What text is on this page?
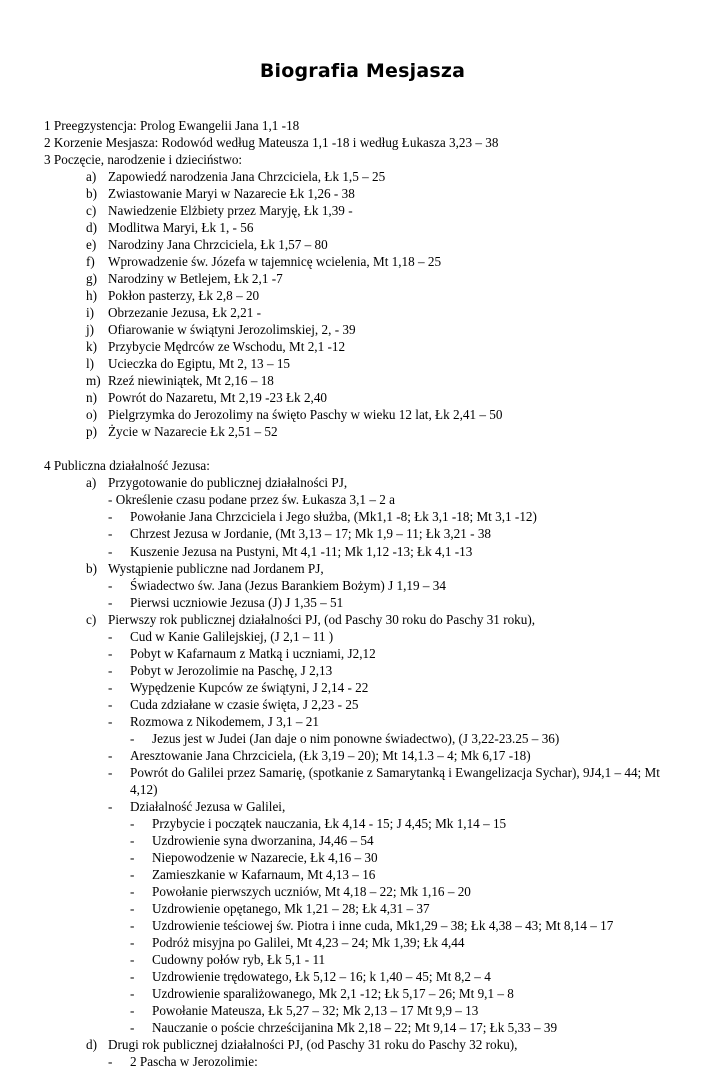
Biografia Mesjasza
1 Preegzystencja: Prolog Ewangelii Jana 1,1 -18
2 Korzenie Mesjasza: Rodowód według Mateusza 1,1 -18 i według Łukasza 3,23 – 38
3 Poczęcie, narodzenie i dzieciństwo:
a) Zapowiedź narodzenia Jana Chrzciciela, Łk 1,5 – 25
b) Zwiastowanie Maryi w Nazarecie Łk 1,26 - 38
c) Nawiedzenie Elżbiety przez Maryję, Łk 1,39 -
d) Modlitwa Maryi, Łk 1, - 56
e) Narodziny Jana Chrzciciela, Łk 1,57 – 80
f) Wprowadzenie św. Józefa w tajemnicę wcielenia, Mt 1,18 – 25
g) Narodziny w Betlejem, Łk 2,1 -7
h) Pokłon pasterzy, Łk 2,8 – 20
i) Obrzezanie Jezusa, Łk 2,21 -
j) Ofiarowanie w świątyni Jerozolimskiej, 2, - 39
k) Przybycie Mędrców ze Wschodu, Mt 2,1 -12
l) Ucieczka do Egiptu, Mt 2, 13 – 15
m) Rzeź niewiniątek, Mt 2,16 – 18
n) Powrót do Nazaretu, Mt 2,19 -23 Łk 2,40
o) Pielgrzymka do Jerozolimy na święto Paschy w wieku 12 lat, Łk 2,41 – 50
p) Życie w Nazarecie Łk 2,51 – 52
4 Publiczna działalność Jezusa:
a) Przygotowanie do publicznej działalności PJ,
- Określenie czasu podane przez św. Łukasza 3,1 – 2 a
- Powołanie Jana Chrzciciela i Jego służba, (Mk1,1 -8; Łk 3,1 -18; Mt 3,1 -12)
- Chrzest Jezusa w Jordanie, (Mt 3,13 – 17; Mk 1,9 – 11; Łk 3,21 - 38
- Kuszenie Jezusa na Pustyni, Mt 4,1 -11; Mk 1,12 -13; Łk 4,1 -13
b) Wystąpienie publiczne nad Jordanem PJ,
- Świadectwo św. Jana (Jezus Barankiem Bożym) J 1,19 – 34
- Pierwsi uczniowie Jezusa (J) J 1,35 – 51
c) Pierwszy rok publicznej działalności PJ, (od Paschy 30 roku do Paschy 31 roku),
- Cud w Kanie Galilejskiej, (J 2,1 – 11 )
- Pobyt w Kafarnaum z Matką i uczniami, J2,12
- Pobyt w Jerozolimie na Paschę, J 2,13
- Wypędzenie Kupców ze świątyni, J 2,14 - 22
- Cuda zdziałane w czasie święta, J 2,23 - 25
- Rozmowa z Nikodemem, J 3,1 – 21
- Jezus jest w Judei (Jan daje o nim ponowne świadectwo), (J 3,22-23.25 – 36)
- Aresztowanie Jana Chrzciciela, (Łk 3,19 – 20); Mt 14,1.3 – 4; Mk 6,17 -18)
- Powrót do Galilei przez Samarię, (spotkanie z Samarytanką i Ewangelizacja Sychar), 9J4,1 – 44; Mt
4,12)
- Działalność Jezusa w Galilei,
- Przybycie i początek nauczania, Łk 4,14 - 15; J 4,45; Mk 1,14 – 15
- Uzdrowienie syna dworzanina, J4,46 – 54
- Niepowodzenie w Nazarecie, Łk 4,16 – 30
- Zamieszkanie w Kafarnaum, Mt 4,13 – 16
- Powołanie pierwszych uczniów, Mt 4,18 – 22; Mk 1,16 – 20
- Uzdrowienie opętanego, Mk 1,21 – 28; Łk 4,31 – 37
- Uzdrowienie teściowej św. Piotra i inne cuda, Mk1,29 – 38; Łk 4,38 – 43; Mt 8,14 – 17
- Podróż misyjna po Galilei, Mt 4,23 – 24; Mk 1,39; Łk 4,44
- Cudowny połów ryb, Łk 5,1 - 11
- Uzdrowienie trędowatego, Łk 5,12 – 16; k 1,40 – 45; Mt 8,2 – 4
- Uzdrowienie sparaliżowanego, Mk 2,1 -12; Łk 5,17 – 26; Mt 9,1 – 8
- Powołanie Mateusza, Łk 5,27 – 32; Mk 2,13 – 17 Mt 9,9 – 13
- Nauczanie o poście chrześcijanina Mk 2,18 – 22; Mt 9,14 – 17; Łk 5,33 – 39
d) Drugi rok publicznej działalności PJ, (od Paschy 31 roku do Paschy 32 roku),
- 2 Pascha w Jerozolimie:
